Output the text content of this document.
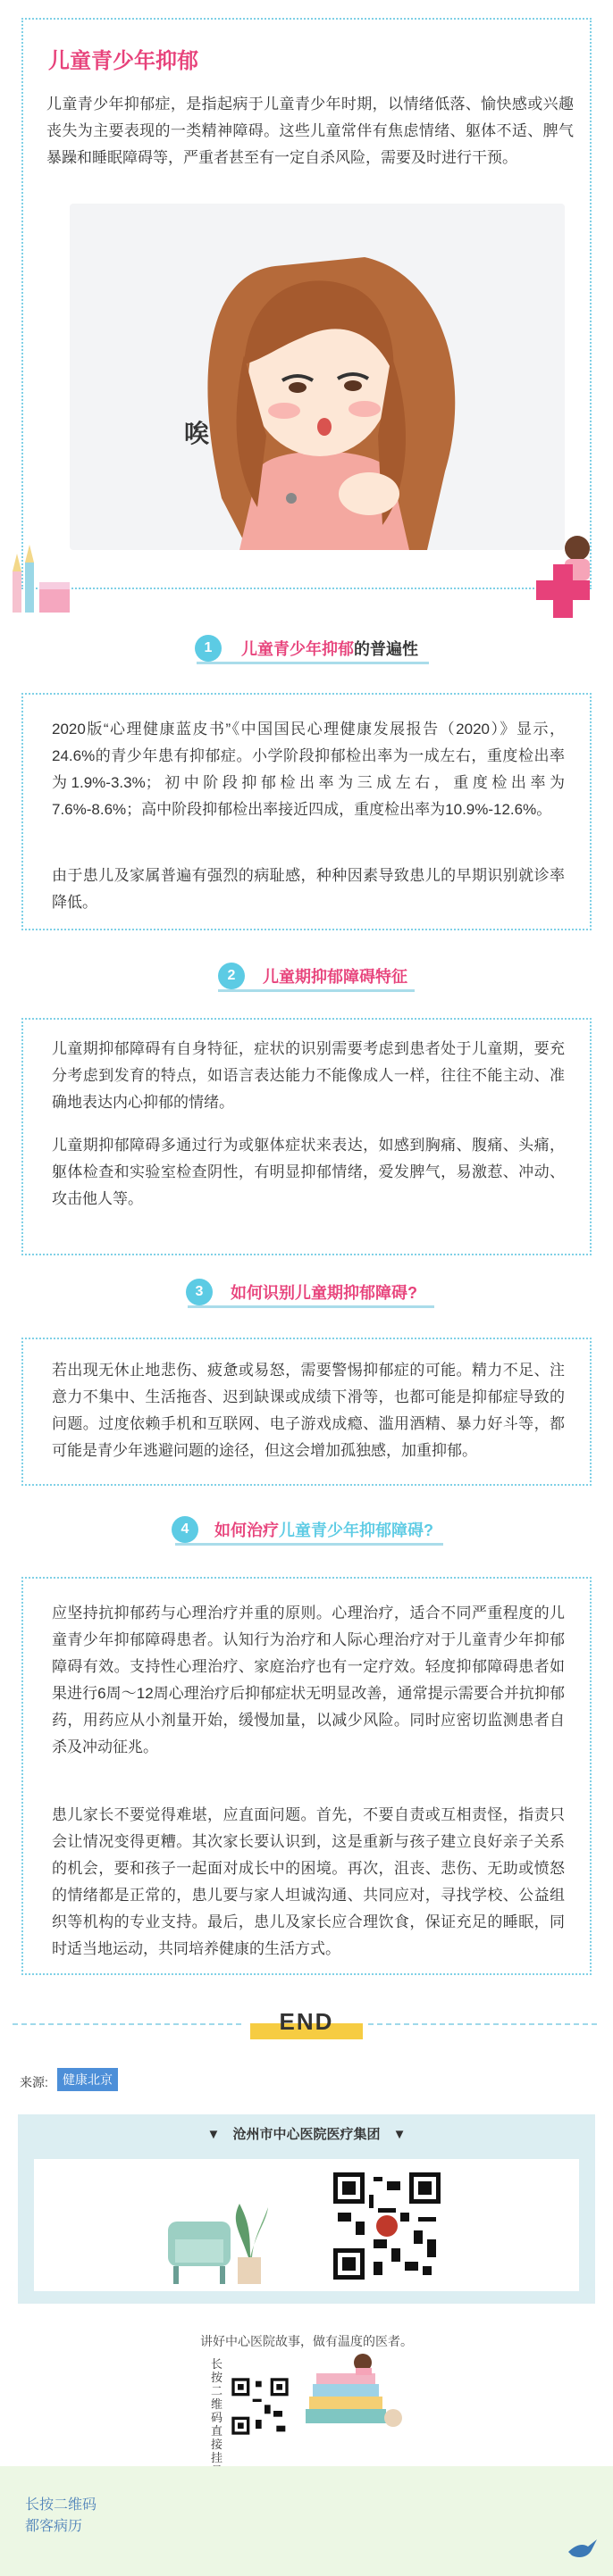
儿童青少年抑郁
儿童青少年抑郁症，是指起病于儿童青少年时期，以情绪低落、愉快感或兴趣丧失为主要表现的一类精神障碍。这些儿童常伴有焦虑情绪、躯体不适、脾气暴躁和睡眠障碍等，严重者甚至有一定自杀风险，需要及时进行干预。
唉
1	儿童青少年抑郁的普遍性
2020版“心理健康蓝皮书”《中国国民心理健康发展报告（2020）》显示，24.6%的青少年患有抑郁症。小学阶段抑郁检出率为一成左右，重度检出率为1.9%-3.3%；初中阶段抑郁检出率为三成左右，重度检出率为7.6%-8.6%；高中阶段抑郁检出率接近四成，重度检出率为10.9%-12.6%。
由于患儿及家属普遍有强烈的病耻感，种种因素导致患儿的早期识别就诊率降低。
2	儿童期抑郁障碍特征
儿童期抑郁障碍有自身特征，症状的识别需要考虑到患者处于儿童期，要充分考虑到发育的特点，如语言表达能力不能像成人一样，往往不能主动、准确地表达内心抑郁的情绪。
儿童期抑郁障碍多通过行为或躯体症状来表达，如感到胸痛、腹痛、头痛，躯体检查和实验室检查阴性，有明显抑郁情绪，爱发脾气，易激惹、冲动、攻击他人等。
3	如何识别儿童期抑郁障碍?
若出现无休止地悲伤、疲惫或易怒，需要警惕抑郁症的可能。精力不足、注意力不集中、生活拖沓、迟到缺课或成绩下滑等，也都可能是抑郁症导致的问题。过度依赖手机和互联网、电子游戏成瘾、滥用酒精、暴力好斗等，都可能是青少年逃避问题的途径，但这会增加孤独感，加重抑郁。
4	如何治疗儿童青少年抑郁障碍?
应坚持抗抑郁药与心理治疗并重的原则。心理治疗，适合不同严重程度的儿童青少年抑郁障碍患者。认知行为治疗和人际心理治疗对于儿童青少年抑郁障碍有效。支持性心理治疗、家庭治疗也有一定疗效。轻度抑郁障碍患者如果进行6周～12周心理治疗后抑郁症状无明显改善，通常提示需要合并抗抑郁药，用药应从小剂量开始，缓慢加量，以减少风险。同时应密切监测患者自杀及冲动征兆。
患儿家长不要觉得难堪，应直面问题。首先，不要自责或互相责怪，指责只会让情况变得更糟。其次家长要认识到，这是重新与孩子建立良好亲子关系的机会，要和孩子一起面对成长中的困境。再次，沮丧、悲伤、无助或愤怒的情绪都是正常的，患儿要与家人坦诚沟通、共同应对，寻找学校、公益组织等机构的专业支持。最后，患儿及家长应合理饮食，保证充足的睡眠，同时适当地运动，共同培养健康的生活方式。
END
来源:	健康北京
▼ 沧州市中心医院医疗集团 ▼
讲好中心医院故事，做有温度的医者。
长按二维码直接挂
长按二维码
都客病历
